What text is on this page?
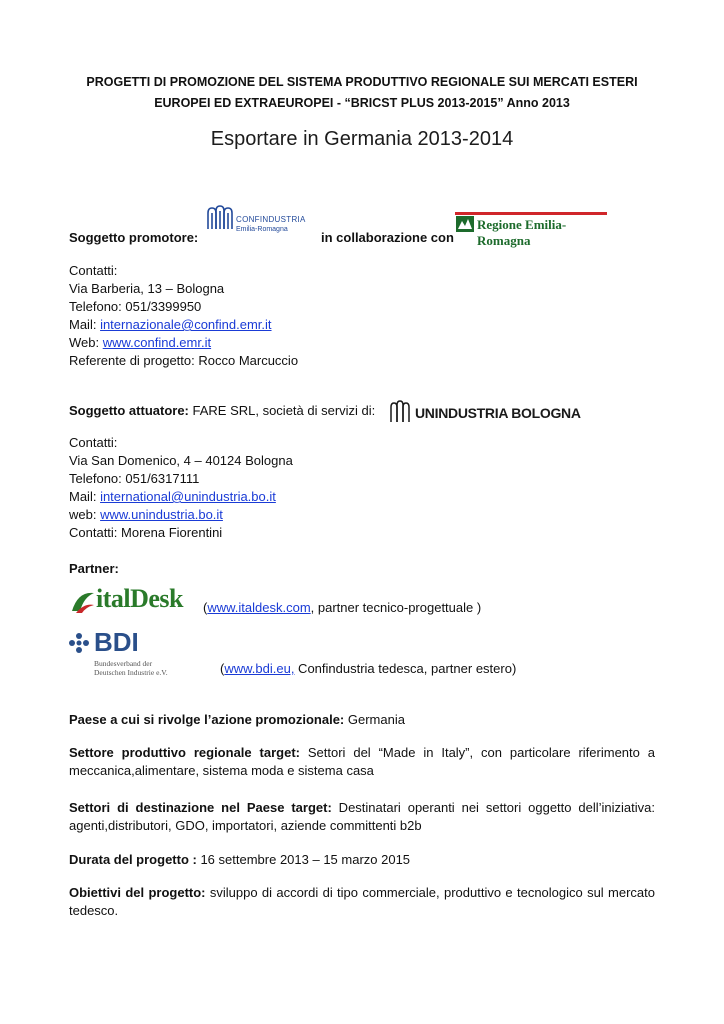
PROGETTI DI PROMOZIONE DEL SISTEMA PRODUTTIVO REGIONALE SUI MERCATI ESTERI
EUROPEI ED EXTRAEUROPEI - “BRICST PLUS 2013-2015” Anno 2013
Esportare in Germania 2013-2014
Soggetto promotore:
CONFINDUSTRIA
Emilia-Romagna
in collaborazione con
Regione Emilia-Romagna
Contatti:
Via Barberia, 13 – Bologna
Telefono: 051/3399950
Mail: internazionale@confind.emr.it
Web: www.confind.emr.it
Referente di progetto: Rocco Marcuccio
Soggetto attuatore: FARE SRL, società di servizi di:	UNINDUSTRIA BOLOGNA
Contatti:
Via San Domenico, 4 – 40124 Bologna
Telefono: 051/6317111
Mail: international@unindustria.bo.it
web: www.unindustria.bo.it
Contatti: Morena Fiorentini
Partner:
italDesk (www.italdesk.com, partner tecnico-progettuale )
BDI
Bundesverband der
Deutschen Industrie e.V.	(www.bdi.eu, Confindustria tedesca, partner estero)
Paese a cui si rivolge l’azione promozionale: Germania
Settore produttivo regionale target: Settori del “Made in Italy”, con particolare riferimento a meccanica,alimentare, sistema moda e sistema casa
Settori di destinazione nel Paese target: Destinatari operanti nei settori oggetto dell’iniziativa: agenti,distributori, GDO, importatori, aziende committenti b2b
Durata del progetto : 16 settembre 2013 – 15 marzo 2015
Obiettivi del progetto: sviluppo di accordi di tipo commerciale, produttivo e tecnologico sul mercato tedesco.
